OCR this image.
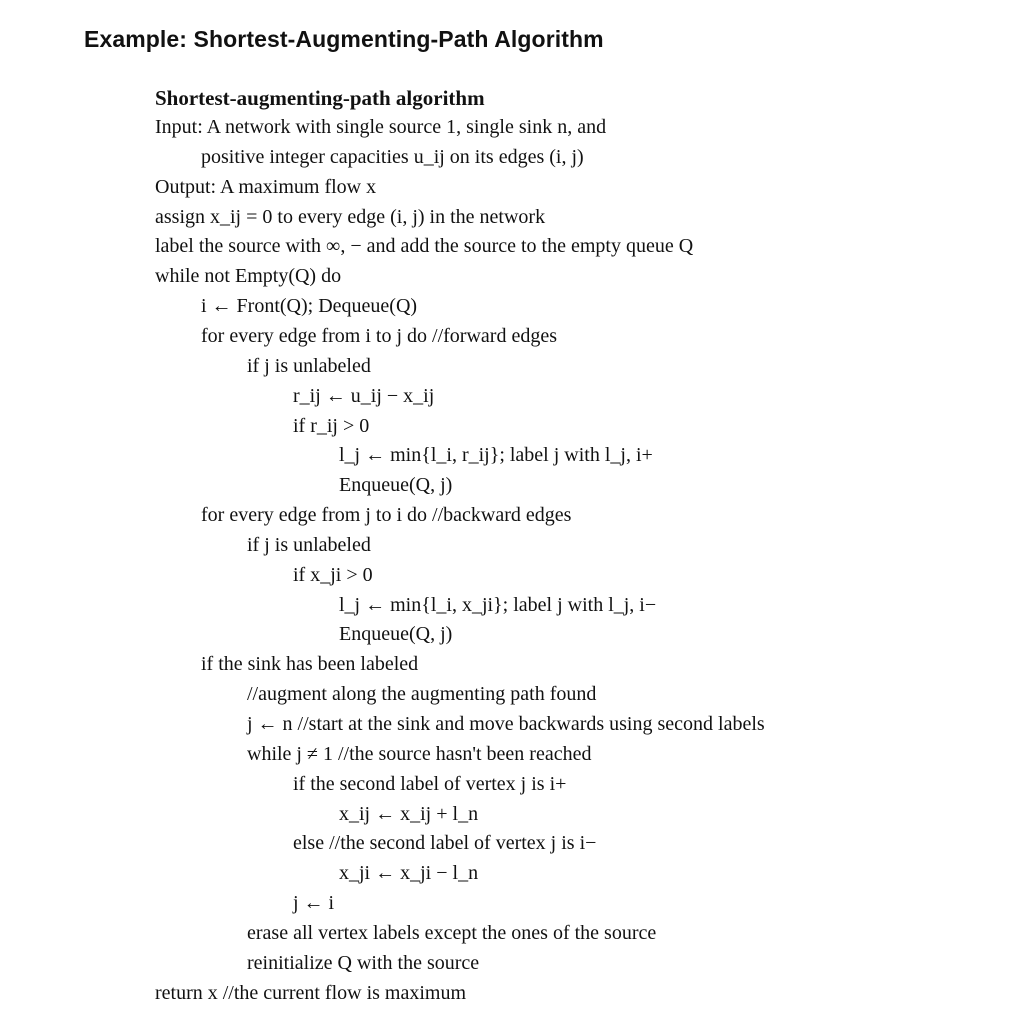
Example: Shortest-Augmenting-Path Algorithm
Shortest-augmenting-path algorithm
Input: A network with single source 1, single sink n, and
positive integer capacities u_ij on its edges (i, j)
Output: A maximum flow x
assign x_ij = 0 to every edge (i, j) in the network
label the source with ∞, − and add the source to the empty queue Q
while not Empty(Q) do
i ← Front(Q); Dequeue(Q)
for every edge from i to j do //forward edges
if j is unlabeled
r_ij ← u_ij − x_ij
if r_ij > 0
l_j ← min{l_i, r_ij}; label j with l_j, i+
Enqueue(Q, j)
for every edge from j to i do //backward edges
if j is unlabeled
if x_ji > 0
l_j ← min{l_i, x_ji}; label j with l_j, i−
Enqueue(Q, j)
if the sink has been labeled
//augment along the augmenting path found
j ← n //start at the sink and move backwards using second labels
while j ≠ 1 //the source hasn't been reached
if the second label of vertex j is i+
x_ij ← x_ij + l_n
else //the second label of vertex j is i−
x_ji ← x_ji − l_n
j ← i
erase all vertex labels except the ones of the source
reinitialize Q with the source
return x //the current flow is maximum
